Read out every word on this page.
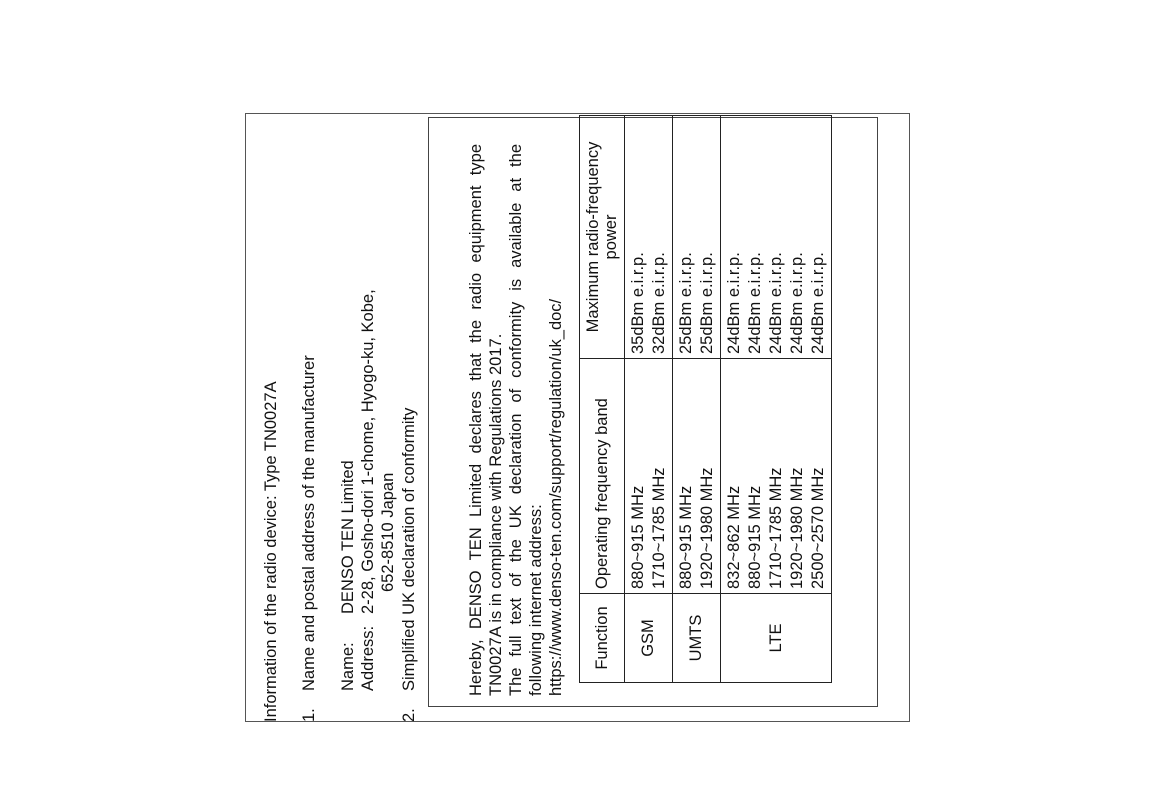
Information of the radio device: Type TN0027A 1.
Name and postal address of the manufacturer Name:
DENSO TEN Limited
Address:
2-28, Gosho-dori 1-chome, Hyogo-ku, Kobe, 652-8510 Japan
2.
Simplified UK declaration of conformity	Hereby, DENSO TEN Limited declares that the radio equipment type TN0027A is in compliance with Regulations 2017. The full text of the UK declaration of conformity is available at the following internet address: https://www.denso-ten.com/support/regulation/uk_doc/ Function	Operating frequency band	Maximum radio-frequency power

GSM	880~915 MHz 1710~1785 MHz	35dBm e.i.r.p. 32dBm e.i.r.p.

UMTS	880~915 MHz 1920~1980 MHz	25dBm e.i.r.p. 25dBm e.i.r.p.

LTE	832~862 MHz 880~915 MHz 1710~1785 MHz 1920~1980 MHz 2500~2570 MHz	24dBm e.i.r.p. 24dBm e.i.r.p. 24dBm e.i.r.p. 24dBm e.i.r.p. 24dBm e.i.r.p.
